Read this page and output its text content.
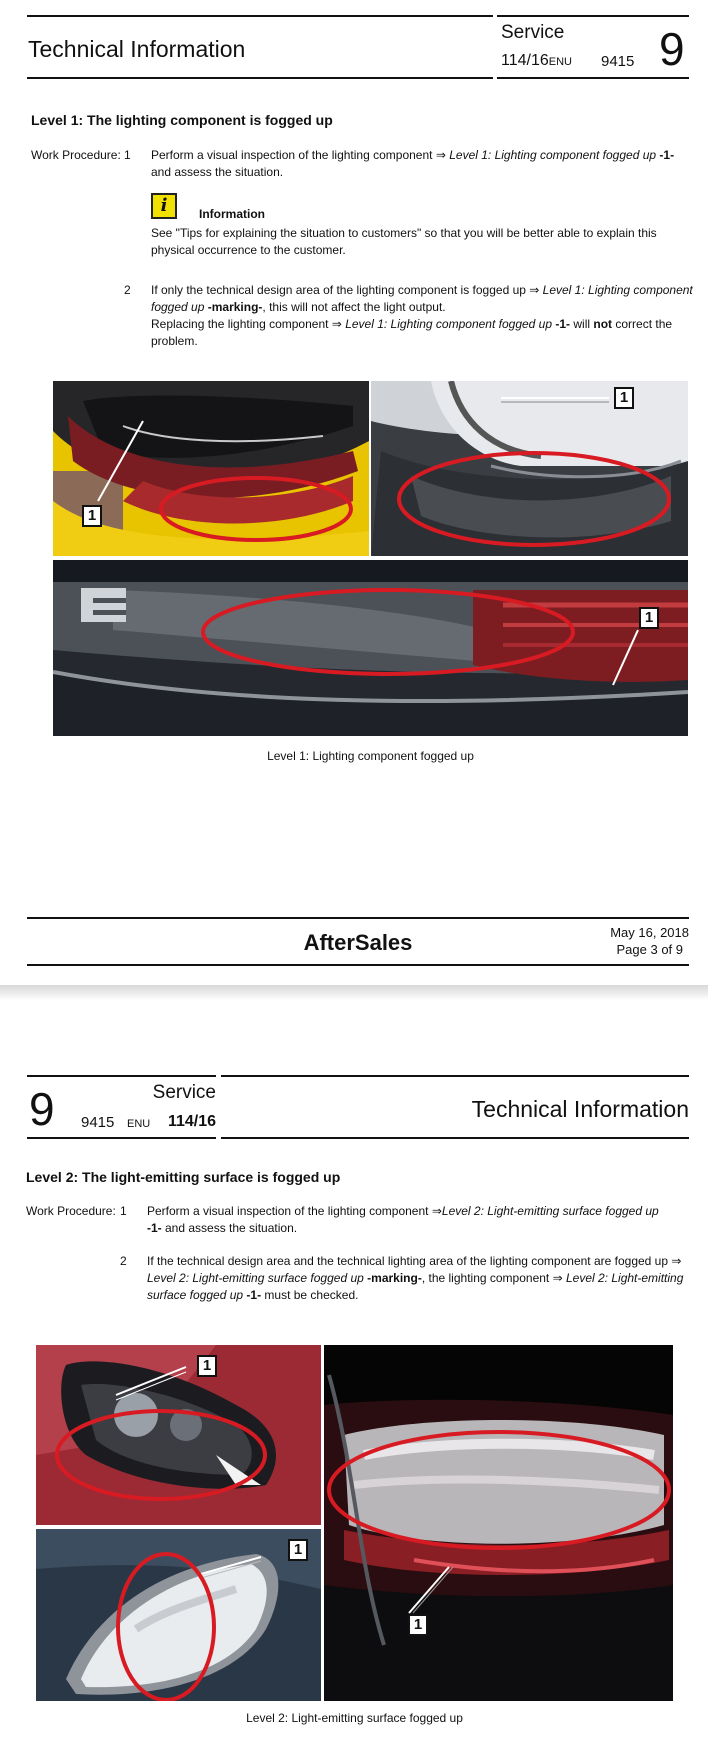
Technical Information
Service
114/16ENU 9415 9
Level 1: The lighting component is fogged up
Work Procedure: 1 Perform a visual inspection of the lighting component ⇒ Level 1: Lighting component fogged up -1-
and assess the situation.
i	Information
See "Tips for explaining the situation to customers" so that you will be better able to explain this physical occurrence to the customer.
2 If only the technical design area of the lighting component is fogged up ⇒ Level 1: Lighting component fogged up -marking-, this will not affect the light output.
Replacing the lighting component ⇒ Level 1: Lighting component fogged up -1- will not correct the problem.
1
1
1
Level 1: Lighting component fogged up
AfterSales	May 16, 2018
Page 3 of 9
9	Service
9415 ENU 114/16	Technical Information
Level 2: The light-emitting surface is fogged up
Work Procedure: 1 Perform a visual inspection of the lighting component ⇒Level 2: Light-emitting surface fogged up
-1- and assess the situation.
2 If the technical design area and the technical lighting area of the lighting component are fogged up ⇒ Level 2: Light-emitting surface fogged up -marking-, the lighting component ⇒ Level 2: Light-emitting surface fogged up -1- must be checked.
1
1
1
Level 2: Light-emitting surface fogged up
